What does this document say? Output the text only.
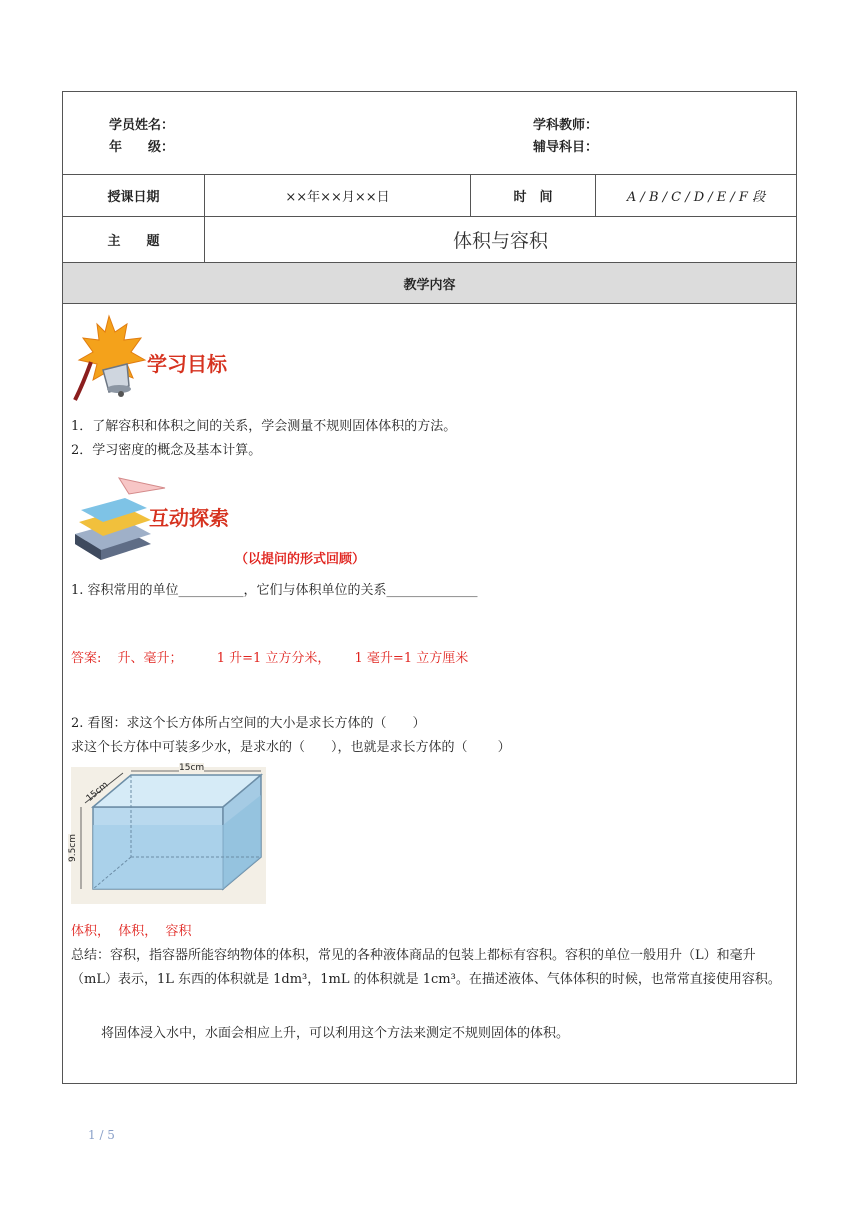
学员姓名：
年　　级：
学科教师：
辅导科目：
授课日期	××年××月××日	时　间	A / B / C / D / E / F 段
主　　题	体积与容积
教学内容
学习目标
1．了解容积和体积之间的关系，学会测量不规则固体体积的方法。
2．学习密度的概念及基本计算。
互动探索
（以提问的形式回顾）
1. 容积常用的单位__________，它们与体积单位的关系______________
答案: 升、毫升；	1 升=1 立方分米， 1 毫升=1 立方厘米
2. 看图：求这个长方体所占空间的大小是求长方体的（　　）
求这个长方体中可装多少水，是求水的（　　），也就是求长方体的（　　 ）
15cm
15cm
9.5cm
体积，  体积，  容积
总结：容积，指容器所能容纳物体的体积，常见的各种液体商品的包装上都标有容积。容积的单位一般用升（L）和毫升（mL）表示，1L 东西的体积就是 1dm³，1mL 的体积就是 1cm³。在描述液体、气体体积的时候，也常常直接使用容积。
将固体浸入水中，水面会相应上升，可以利用这个方法来测定不规则固体的体积。
1 / 5
